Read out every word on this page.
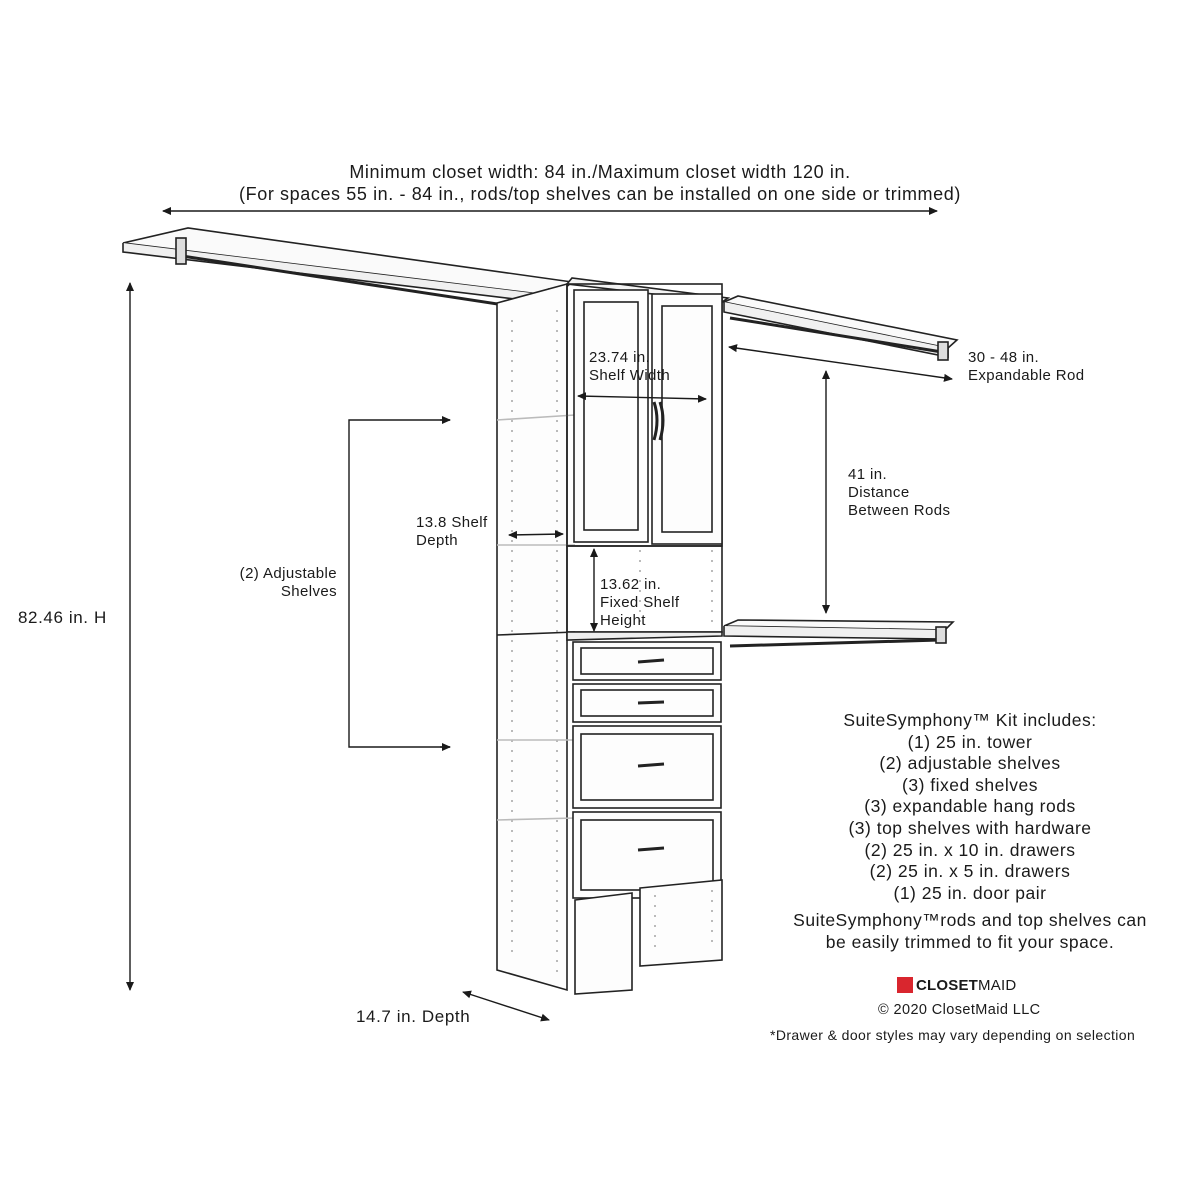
Minimum closet width: 84 in./Maximum closet width 120 in.
(For spaces 55 in. - 84 in., rods/top shelves can be installed on one side or trimmed)
82.46 in. H
14.7 in. Depth
23.74 in.
Shelf Width
13.8 Shelf
Depth
13.62 in.
Fixed Shelf
Height
(2) Adjustable
Shelves
30 - 48 in.
Expandable Rod
41 in.
Distance
Between Rods
SuiteSymphony™ Kit includes:
(1) 25 in. tower
(2) adjustable shelves
(3) fixed shelves
(3) expandable hang rods
(3) top shelves with hardware
(2) 25 in. x 10 in. drawers
(2) 25 in. x 5 in. drawers
(1) 25 in. door pair
SuiteSymphony™rods and top shelves can
be easily trimmed to fit your space.
CLOSETMAID
© 2020 ClosetMaid LLC
*Drawer & door styles may vary depending on selection
